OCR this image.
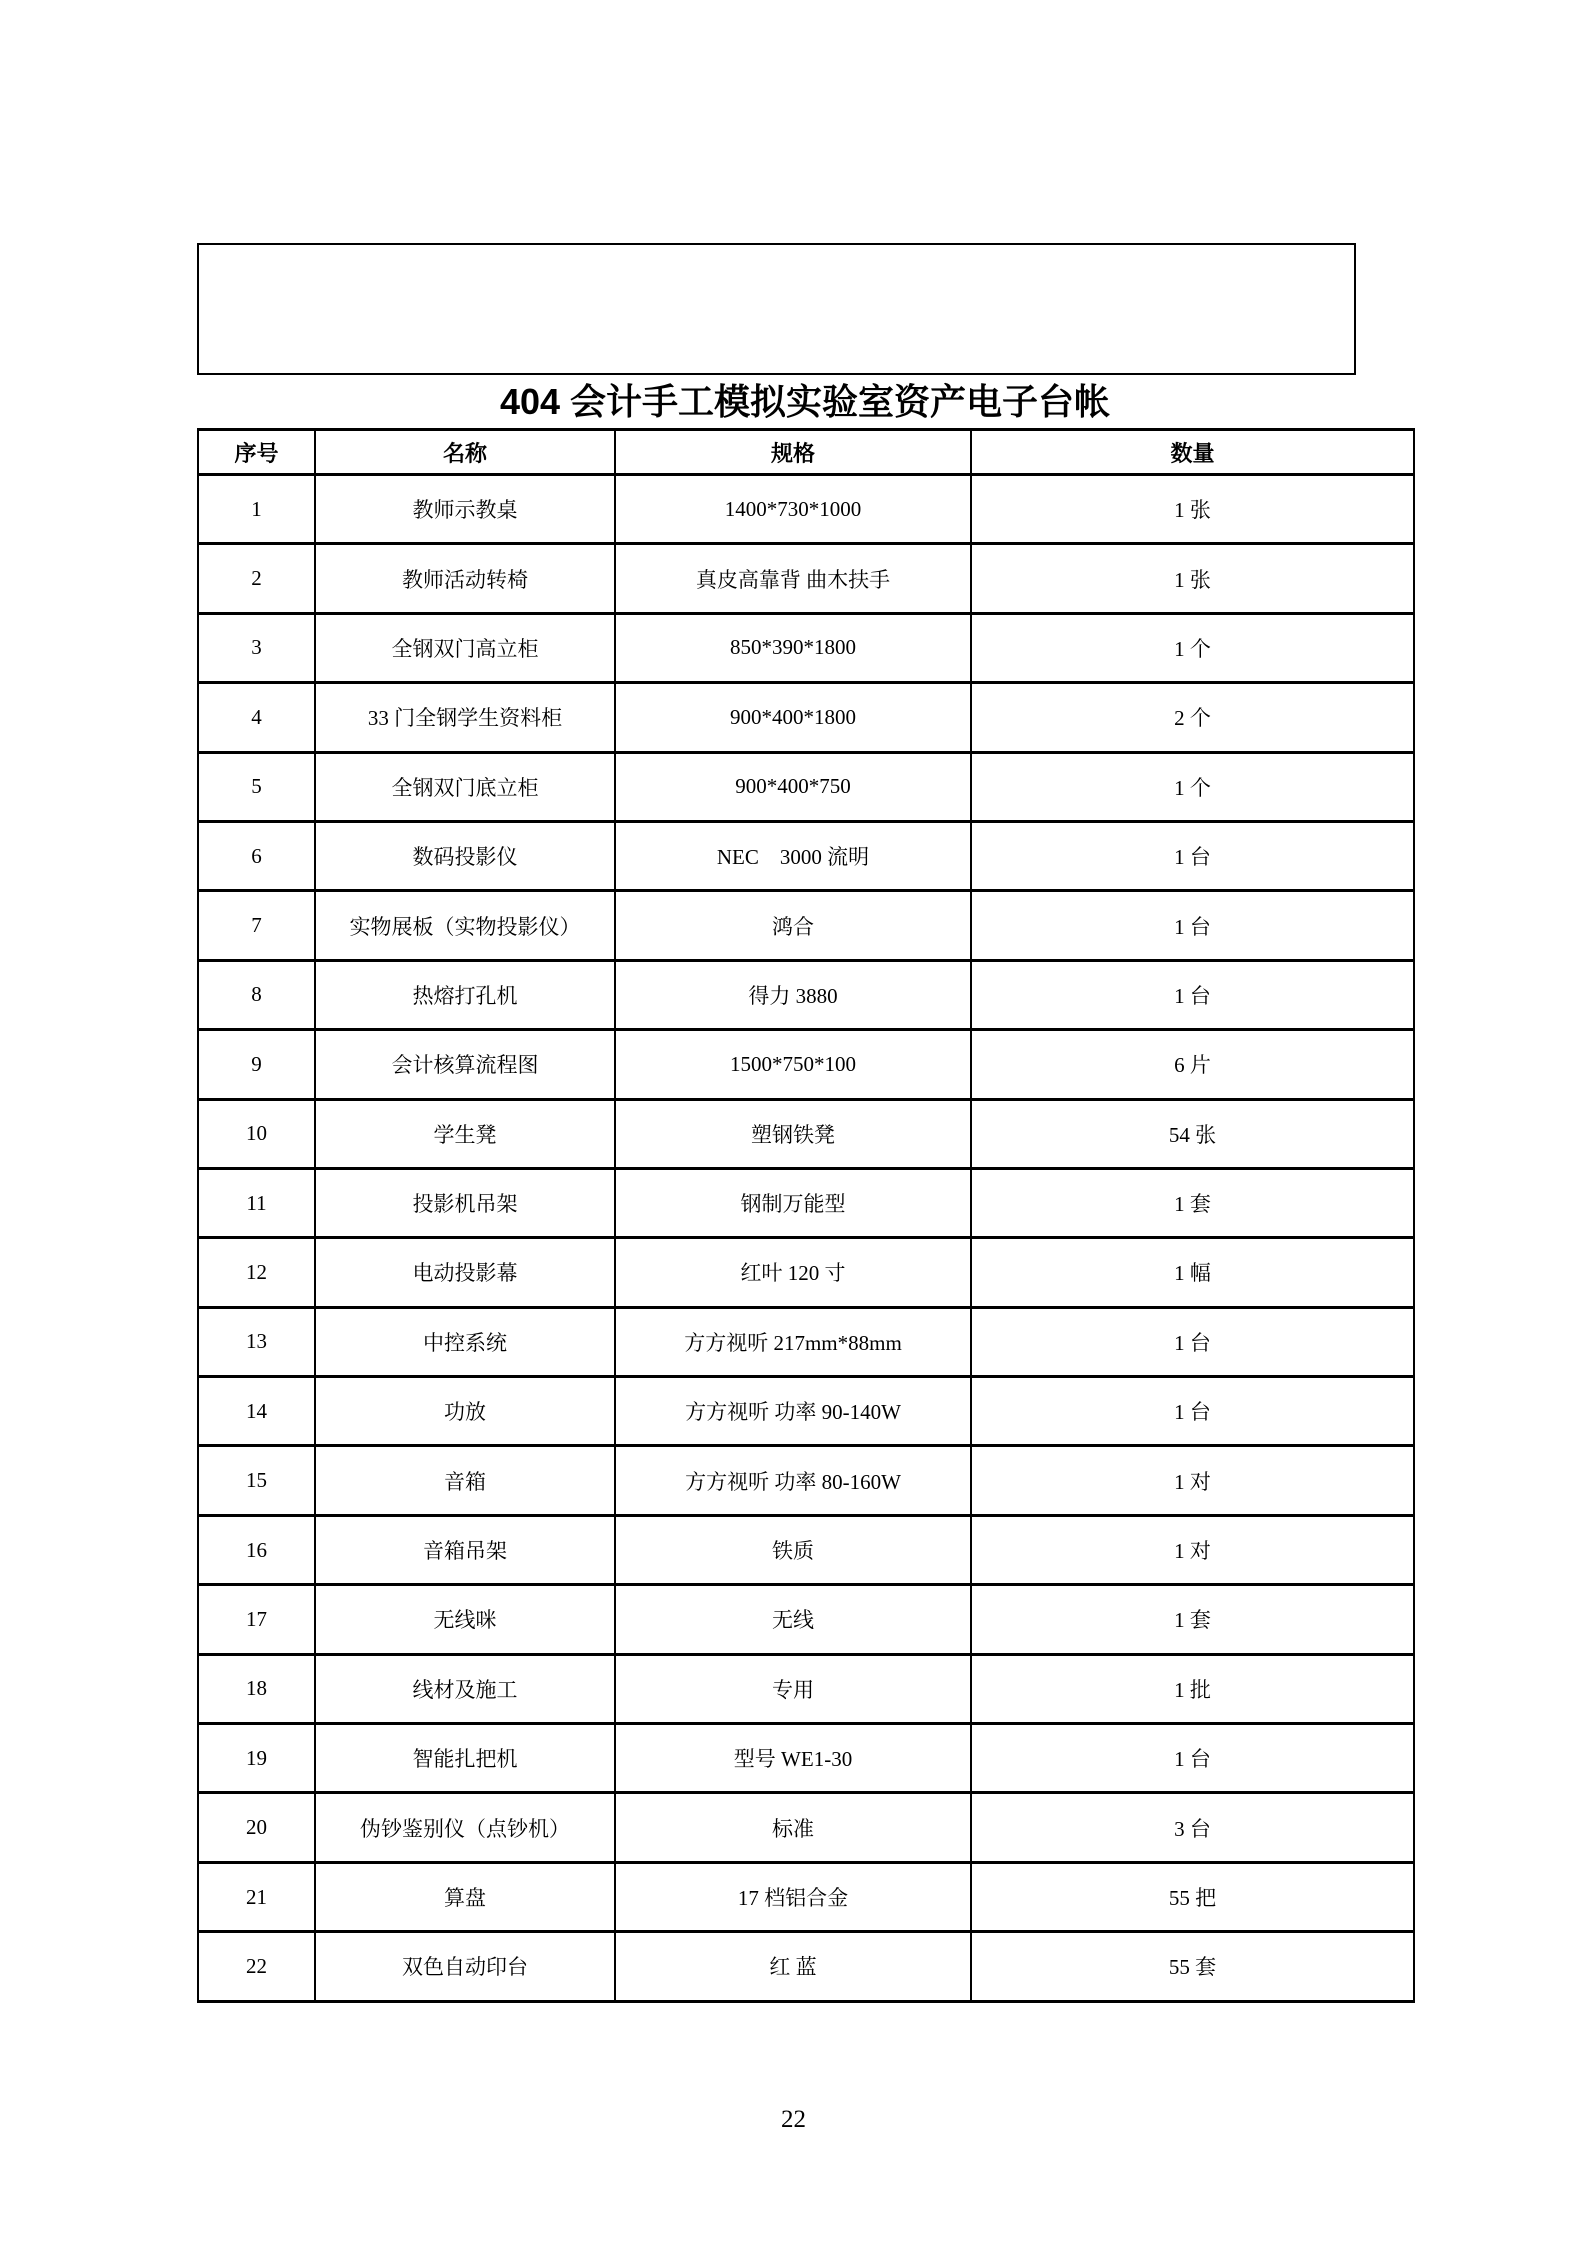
404 会计手工模拟实验室资产电子台帐
序号	名称	规格	数量
1	教师示教桌	1400*730*1000	1 张
2	教师活动转椅	真皮高靠背 曲木扶手	1 张
3	全钢双门高立柜	850*390*1800	1 个
4	33 门全钢学生资料柜	900*400*1800	2 个
5	全钢双门底立柜	900*400*750	1 个
6	数码投影仪	NEC　3000 流明	1 台
7	实物展板（实物投影仪）	鸿合	1 台
8	热熔打孔机	得力 3880	1 台
9	会计核算流程图	1500*750*100	6 片
10	学生凳	塑钢铁凳	54 张
11	投影机吊架	钢制万能型	1 套
12	电动投影幕	红叶 120 寸	1 幅
13	中控系统	方方视听 217mm*88mm	1 台
14	功放	方方视听 功率 90-140W	1 台
15	音箱	方方视听 功率 80-160W	1 对
16	音箱吊架	铁质	1 对
17	无线咪	无线	1 套
18	线材及施工	专用	1 批
19	智能扎把机	型号 WE1-30	1 台
20	伪钞鉴别仪（点钞机）	标准	3 台
21	算盘	17 档铝合金	55 把
22	双色自动印台	红 蓝	55 套
22
